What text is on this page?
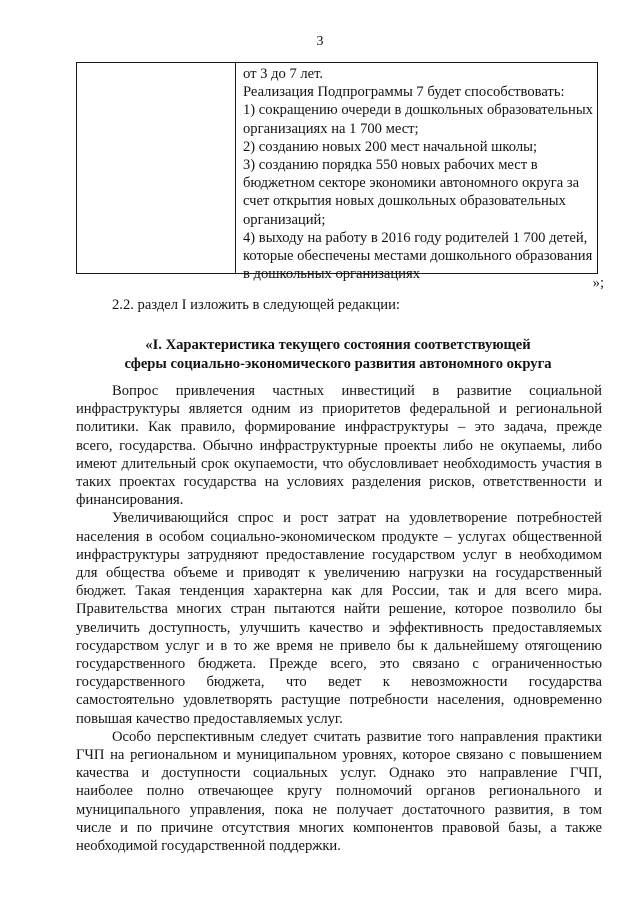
3
от 3 до 7 лет.
Реализация Подпрограммы 7 будет способствовать:
1) сокращению очереди в дошкольных образовательных
организациях на 1 700 мест;
2) созданию новых 200 мест начальной школы;
3) созданию порядка 550 новых рабочих мест в
бюджетном секторе экономики автономного округа за
счет открытия новых дошкольных образовательных
организаций;
4) выходу на работу в 2016 году родителей 1 700 детей,
которые обеспечены местами дошкольного образования
в дошкольных организациях
»;
2.2. раздел I изложить в следующей редакции:
«I. Характеристика текущего состояния соответствующей
сферы социально-экономического развития автономного округа
Вопрос привлечения частных инвестиций в развитие социальной
инфраструктуры является одним из приоритетов федеральной и региональной
политики. Как правило, формирование инфраструктуры – это задача, прежде
всего, государства. Обычно инфраструктурные проекты либо не окупаемы, либо
имеют длительный срок окупаемости, что обусловливает необходимость участия в
таких проектах государства на условиях разделения рисков, ответственности и
финансирования.
Увеличивающийся спрос и рост затрат на удовлетворение потребностей
населения в особом социально-экономическом продукте – услугах общественной
инфраструктуры затрудняют предоставление государством услуг в необходимом
для общества объеме и приводят к увеличению нагрузки на государственный
бюджет. Такая тенденция характерна как для России, так и для всего мира.
Правительства многих стран пытаются найти решение, которое позволило бы
увеличить доступность, улучшить качество и эффективность предоставляемых
государством услуг и в то же время не привело бы к дальнейшему отягощению
государственного бюджета. Прежде всего, это связано с ограниченностью
государственного бюджета, что ведет к невозможности государства
самостоятельно удовлетворять растущие потребности населения, одновременно
повышая качество предоставляемых услуг.
Особо перспективным следует считать развитие того направления практики
ГЧП на региональном и муниципальном уровнях, которое связано с повышением
качества и доступности социальных услуг. Однако это направление ГЧП,
наиболее полно отвечающее кругу полномочий органов регионального и
муниципального управления, пока не получает достаточного развития, в том
числе и по причине отсутствия многих компонентов правовой базы, а также
необходимой государственной поддержки.
